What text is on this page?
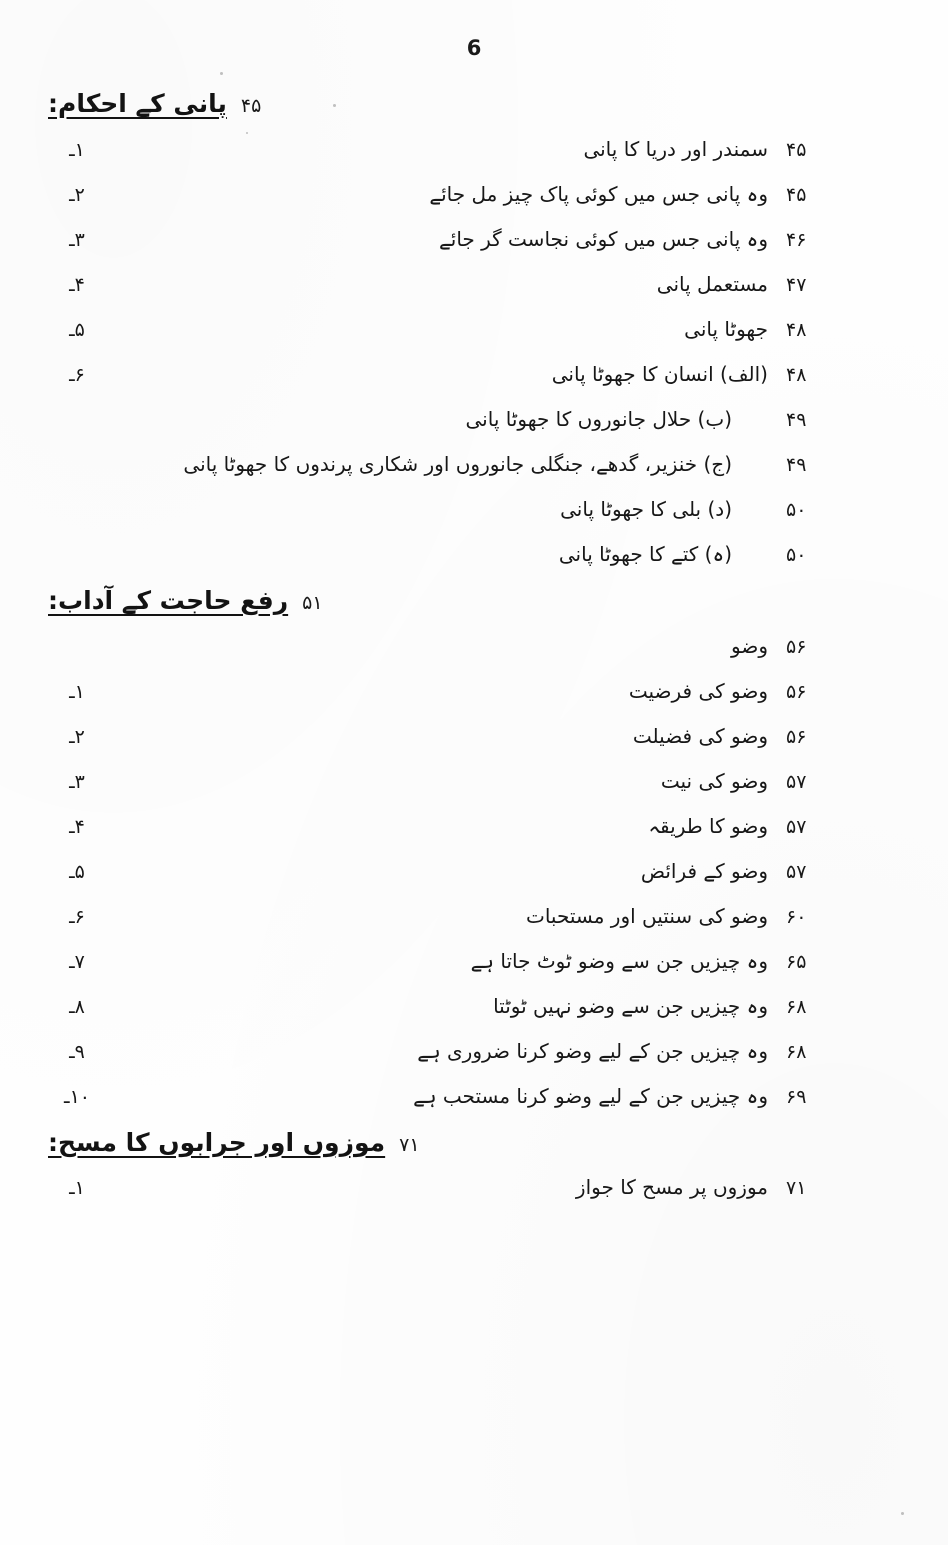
6
پانی کے احکام: ۴۵
۱ـ	سمندر اور دریا کا پانی ۴۵
۲ـ	وہ پانی جس میں کوئی پاک چیز مل جائے ۴۵
۳ـ	وہ پانی جس میں کوئی نجاست گر جائے ۴۶
۴ـ	مستعمل پانی ۴۷
۵ـ	جھوٹا پانی ۴۸
۶ـ	(الف) انسان کا جھوٹا پانی ۴۸
(ب) حلال جانوروں کا جھوٹا پانی	۴۹
(ج) خنزیر، گدھے، جنگلی جانوروں اور شکاری پرندوں کا جھوٹا پانی	۴۹
(د) بلی کا جھوٹا پانی	۵۰
(ہ) کتے کا جھوٹا پانی	۵۰
رفع حاجت کے آداب: ۵۱
وضو ۵۶
۱ـ	وضو کی فرضیت ۵۶
۲ـ	وضو کی فضیلت ۵۶
۳ـ	وضو کی نیت ۵۷
۴ـ	وضو کا طریقہ ۵۷
۵ـ	وضو کے فرائض ۵۷
۶ـ	وضو کی سنتیں اور مستحبات ۶۰
۷ـ	وہ چیزیں جن سے وضو ٹوٹ جاتا ہے ۶۵
۸ـ	وہ چیزیں جن سے وضو نہیں ٹوٹتا ۶۸
۹ـ	وہ چیزیں جن کے لیے وضو کرنا ضروری ہے ۶۸
۱۰ـ	وہ چیزیں جن کے لیے وضو کرنا مستحب ہے ۶۹
موزوں اور جرابوں کا مسح: ۷۱
۱ـ	موزوں پر مسح کا جواز ۷۱
